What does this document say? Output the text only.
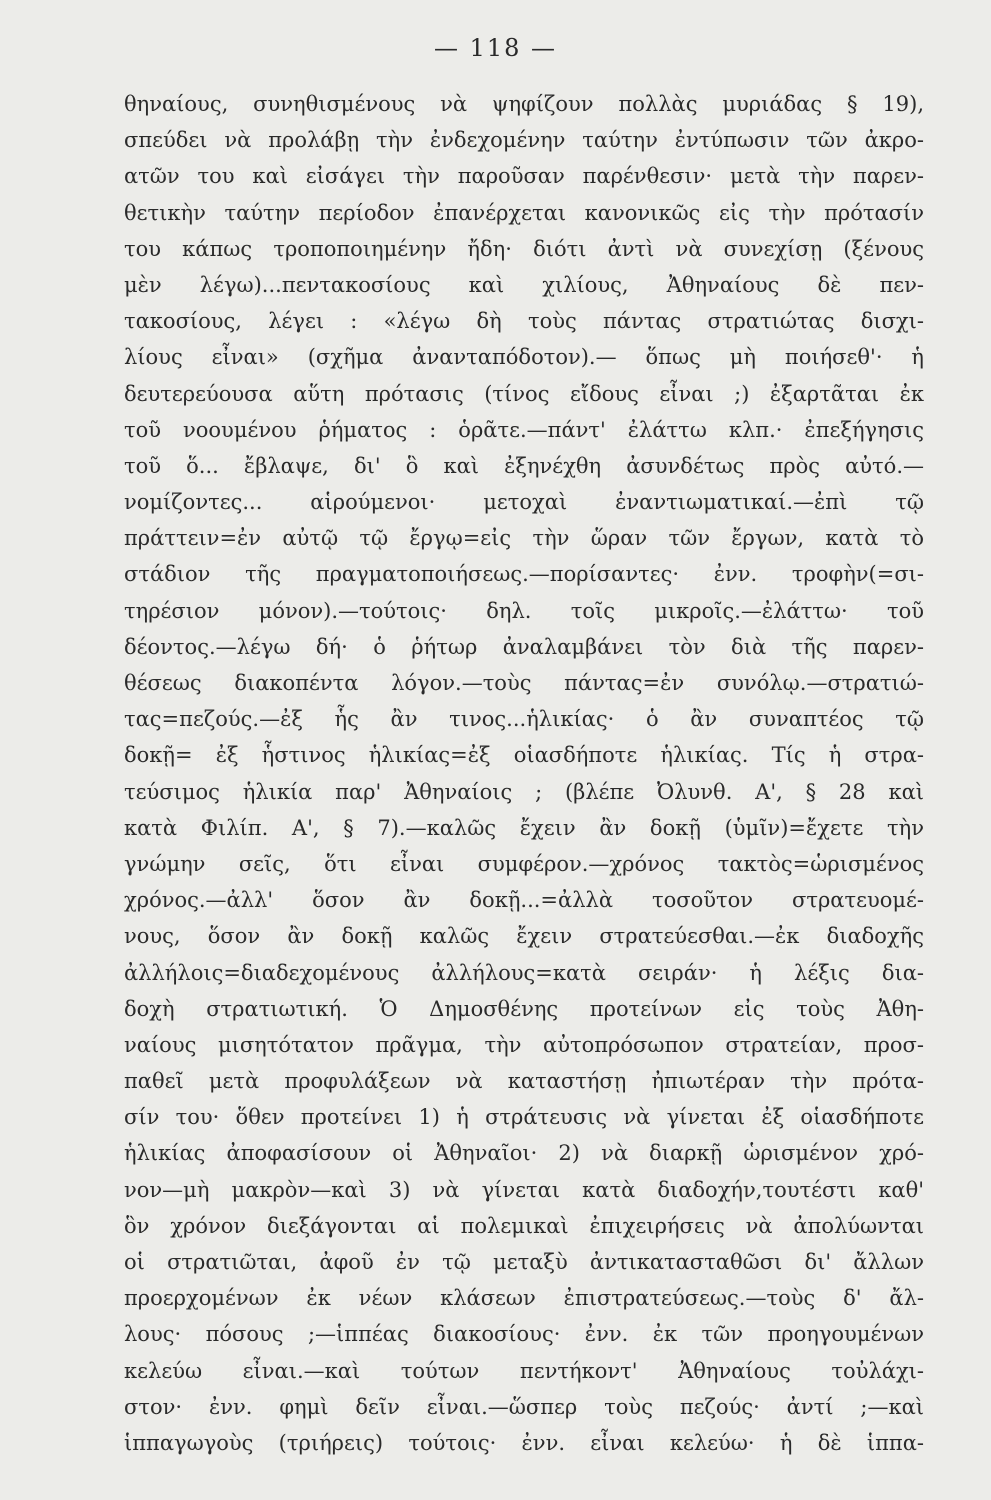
— 118 —
θηναίους, συνηθισμένους νὰ ψηφίζουν πολλὰς μυριάδας § 19),
σπεύδει νὰ προλάβῃ τὴν ἐνδεχομένην ταύτην ἐντύπωσιν τῶν ἀκρο-
ατῶν του καὶ εἰσάγει τὴν παροῦσαν παρένθεσιν· μετὰ τὴν παρεν-
θετικὴν ταύτην περίοδον ἐπανέρχεται κανονικῶς εἰς τὴν πρότασίν
του κάπως τροποποιημένην ἤδη· διότι ἀντὶ νὰ συνεχίσῃ (ξένους
μὲν λέγω)...πεντακοσίους καὶ χιλίους, Ἀθηναίους δὲ πεν-
τακοσίους, λέγει : «λέγω δὴ τοὺς πάντας στρατιώτας δισχι-
λίους εἶναι» (σχῆμα ἀνανταπόδοτον).— ὅπως μὴ ποιήσεθ'· ἡ
δευτερεύουσα αὕτη πρότασις (τίνος εἴδους εἶναι ;) ἐξαρτᾶται ἐκ
τοῦ νοουμένου ῥήματος : ὁρᾶτε.—πάντ' ἐλάττω κλπ.· ἐπεξήγησις
τοῦ ὅ... ἔβλαψε, δι' ὃ καὶ ἐξηνέχθη ἀσυνδέτως πρὸς αὐτό.—
νομίζοντες... αἱρούμενοι· μετοχαὶ ἐναντιωματικαί.—ἐπὶ τῷ
πράττειν=ἐν αὐτῷ τῷ ἔργῳ=εἰς τὴν ὥραν τῶν ἔργων, κατὰ τὸ
στάδιον τῆς πραγματοποιήσεως.—πορίσαντες· ἐνν. τροφὴν(=σι-
τηρέσιον μόνον).—τούτοις· δηλ. τοῖς μικροῖς.—ἐλάττω· τοῦ
δέοντος.—λέγω δή· ὁ ῥήτωρ ἀναλαμβάνει τὸν διὰ τῆς παρεν-
θέσεως διακοπέντα λόγον.—τοὺς πάντας=ἐν συνόλῳ.—στρατιώ-
τας=πεζούς.—ἐξ ἧς ἂν τινος...ἡλικίας· ὁ ἂν συναπτέος τῷ
δοκῇ= ἐξ ἧστινος ἡλικίας=ἐξ οἱασδήποτε ἡλικίας. Τίς ἡ στρα-
τεύσιμος ἡλικία παρ' Ἀθηναίοις ; (βλέπε Ὀλυνθ. Α', § 28 καὶ
κατὰ Φιλίπ. Α', § 7).—καλῶς ἔχειν ἂν δοκῇ (ὑμῖν)=ἔχετε τὴν
γνώμην σεῖς, ὅτι εἶναι συμφέρον.—χρόνος τακτὸς=ὡρισμένος
χρόνος.—ἀλλ' ὅσον ἂν δοκῇ...=ἀλλὰ τοσοῦτον στρατευομέ-
νους, ὅσον ἂν δοκῇ καλῶς ἔχειν στρατεύεσθαι.—ἐκ διαδοχῆς
ἀλλήλοις=διαδεχομένους ἀλλήλους=κατὰ σειράν· ἡ λέξις δια-
δοχὴ στρατιωτική. Ὁ Δημοσθένης προτείνων εἰς τοὺς Ἀθη-
ναίους μισητότατον πρᾶγμα, τὴν αὐτοπρόσωπον στρατείαν, προσ-
παθεῖ μετὰ προφυλάξεων νὰ καταστήσῃ ἠπιωτέραν τὴν πρότα-
σίν του· ὅθεν προτείνει 1) ἡ στράτευσις νὰ γίνεται ἐξ οἱασδήποτε
ἡλικίας ἀποφασίσουν οἱ Ἀθηναῖοι· 2) νὰ διαρκῇ ὡρισμένον χρό-
νον—μὴ μακρὸν—καὶ 3) νὰ γίνεται κατὰ διαδοχήν,τουτέστι καθ'
ὃν χρόνον διεξάγονται αἱ πολεμικαὶ ἐπιχειρήσεις νὰ ἀπολύωνται
οἱ στρατιῶται, ἀφοῦ ἐν τῷ μεταξὺ ἀντικατασταθῶσι δι' ἄλλων
προερχομένων ἐκ νέων κλάσεων ἐπιστρατεύσεως.—τοὺς δ' ἄλ-
λους· πόσους ;—ἱππέας διακοσίους· ἐνν. ἐκ τῶν προηγουμένων
κελεύω εἶναι.—καὶ τούτων πεντήκοντ' Ἀθηναίους τοὐλάχι-
στον· ἐνν. φημὶ δεῖν εἶναι.—ὥσπερ τοὺς πεζούς· ἀντί ;—καὶ
ἱππαγωγοὺς (τριήρεις) τούτοις· ἐνν. εἶναι κελεύω· ἡ δὲ ἱππα-
